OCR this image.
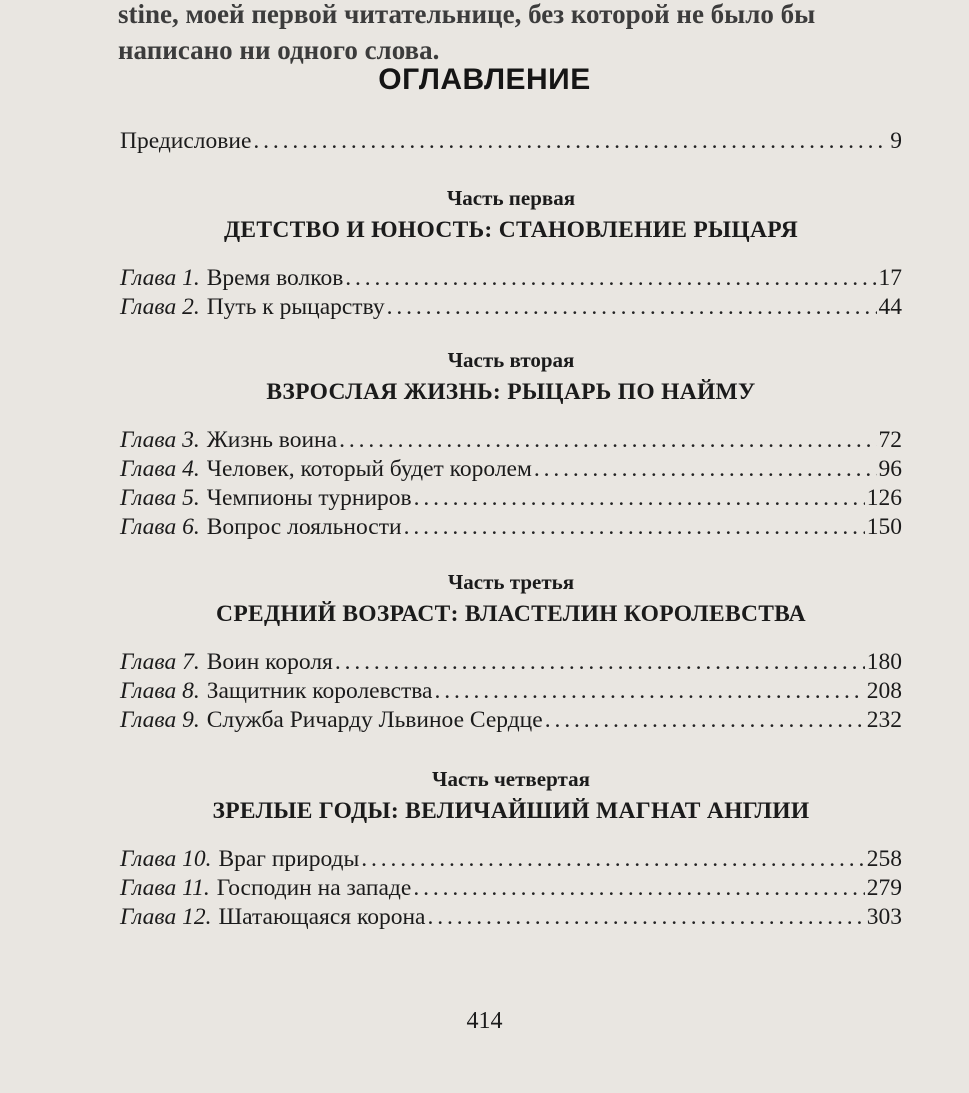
stine, моей первой читательнице, без которой не было бы
написано ни одного слова.
ОГЛАВЛЕНИЕ
Предисловие . . .	9
Часть первая
ДЕТСТВО И ЮНОСТЬ: СТАНОВЛЕНИЕ РЫЦАРЯ
Глава 1. Время волков . . .	17
Глава 2. Путь к рыцарству . . .	44
Часть вторая
ВЗРОСЛАЯ ЖИЗНЬ: РЫЦАРЬ ПО НАЙМУ
Глава 3. Жизнь воина . . .	72
Глава 4. Человек, который будет королем . . .	96
Глава 5. Чемпионы турниров . . .	126
Глава 6. Вопрос лояльности . . .	150
Часть третья
СРЕДНИЙ ВОЗРАСТ: ВЛАСТЕЛИН КОРОЛЕВСТВА
Глава 7. Воин короля . . .	180
Глава 8. Защитник королевства . . .	208
Глава 9. Служба Ричарду Львиное Сердце . . .	232
Часть четвертая
ЗРЕЛЫЕ ГОДЫ: ВЕЛИЧАЙШИЙ МАГНАТ АНГЛИИ
Глава 10. Враг природы . . .	258
Глава 11. Господин на западе . . .	279
Глава 12. Шатающаяся корона . . .	303
414
